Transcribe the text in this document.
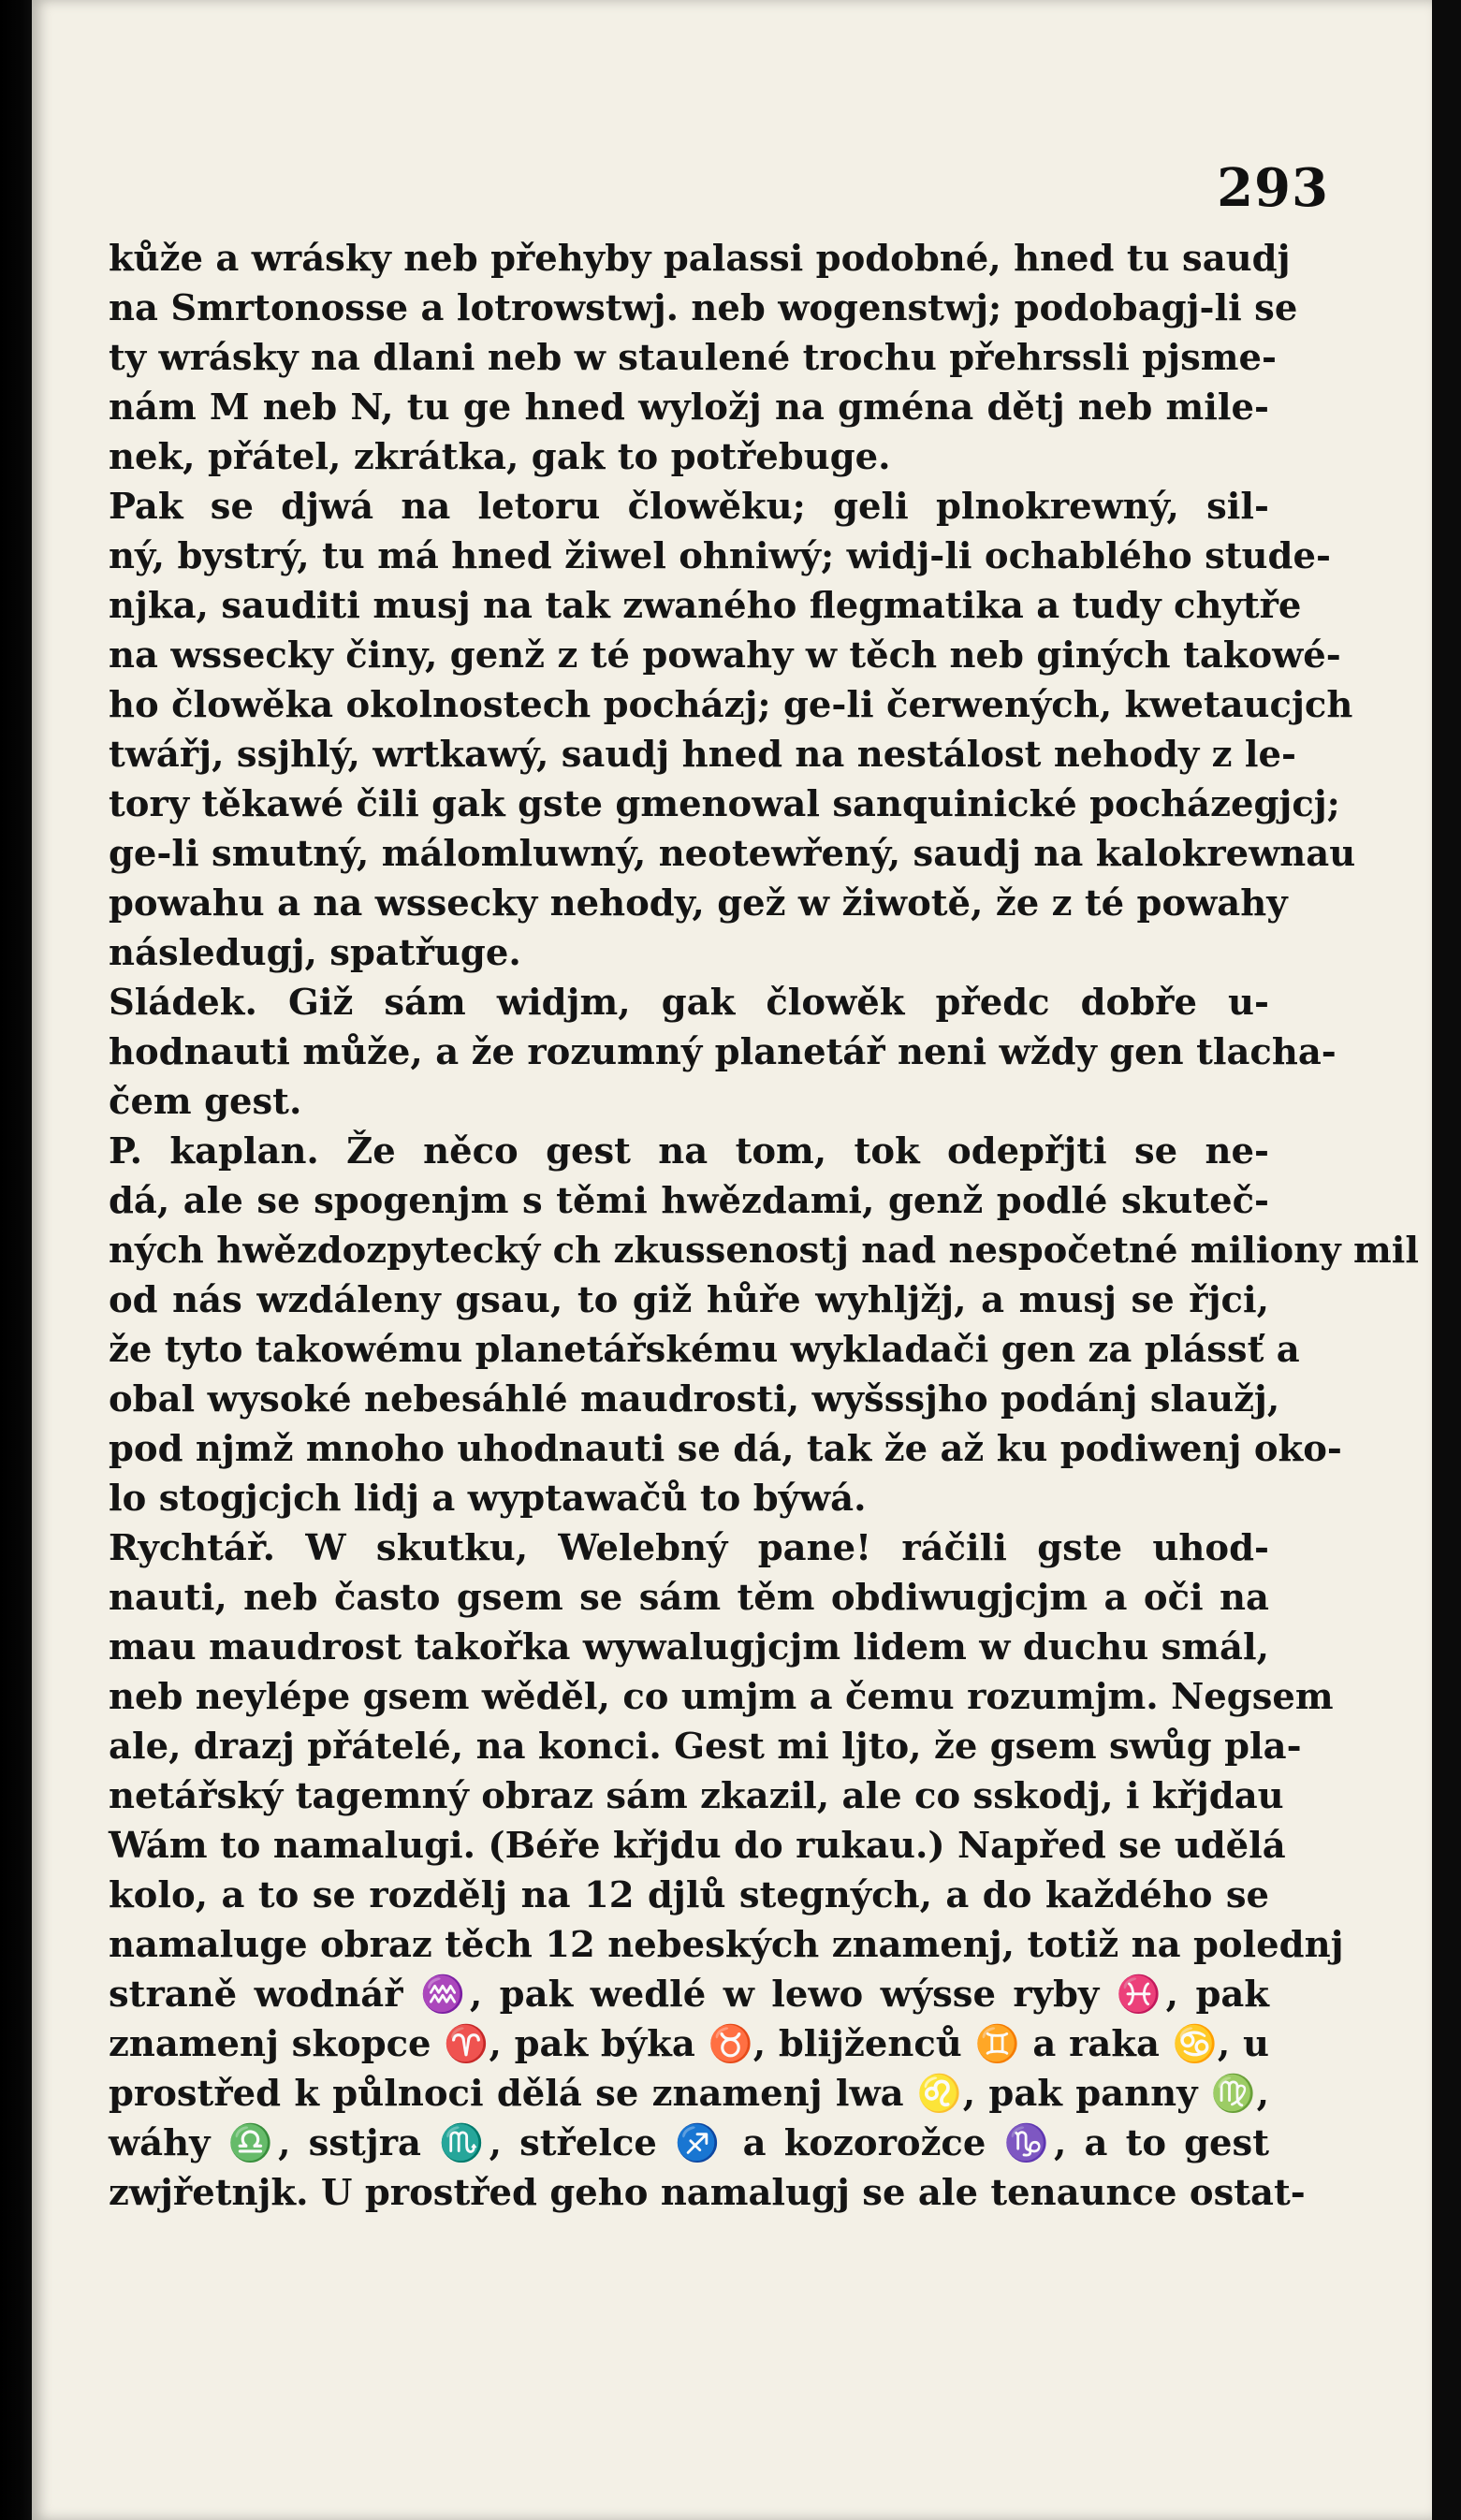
293
kůže a wrásky neb přehyby palassi podobné, hned tu saudj
na Smrtonosse a lotrowstwj. neb wogenstwj; podobagj-li se
ty wrásky na dlani neb w staulené trochu přehrssli pjsme-
nám M neb N, tu ge hned wyložj na gména dětj neb mile-
nek, přátel, zkrátka, gak to potřebuge.
Pak se djwá na letoru člowěku; geli plnokrewný, sil-
ný, bystrý, tu má hned žiwel ohniwý; widj-li ochablého stude-
njka, sauditi musj na tak zwaného flegmatika a tudy chytře
na wssecky činy, genž z té powahy w těch neb giných takowé-
ho člowěka okolnostech pocházj; ge-li čerwených, kwetaucjch
twářj, ssjhlý, wrtkawý, saudj hned na nestálost nehody z le-
tory těkawé čili gak gste gmenowal sanquinické pocházegjcj;
ge-li smutný, málomluwný, neotewřený, saudj na kalokrewnau
powahu a na wssecky nehody, gež w žiwotě, že z té powahy
následugj, spatřuge.
Sládek. Giž sám widjm, gak člowěk předc dobře u-
hodnauti může, a že rozumný planetář neni wždy gen tlacha-
čem gest.
P. kaplan. Že něco gest na tom, tok odepřjti se ne-
dá, ale se spogenjm s těmi hwězdami, genž podlé skuteč-
ných hwězdozpytecký ch zkussenostj nad nespočetné miliony mil
od nás wzdáleny gsau, to giž hůře wyhljžj, a musj se řjci,
že tyto takowému planetářskému wykladači gen za plássť a
obal wysoké nebesáhlé maudrosti, wyšssjho podánj slaužj,
pod njmž mnoho uhodnauti se dá, tak že až ku podiwenj oko-
lo stogjcjch lidj a wyptawačů to býwá.
Rychtář. W skutku, Welebný pane! ráčili gste uhod-
nauti, neb často gsem se sám těm obdiwugjcjm a oči na
mau maudrost takořka wywalugjcjm lidem w duchu smál,
neb neylépe gsem wěděl, co umjm a čemu rozumjm. Negsem
ale, drazj přátelé, na konci. Gest mi ljto, že gsem swůg pla-
netářský tagemný obraz sám zkazil, ale co sskodj, i křjdau
Wám to namalugi. (Béře křjdu do rukau.) Napřed se udělá
kolo, a to se rozdělj na 12 djlů stegných, a do každého se
namaluge obraz těch 12 nebeských znamenj, totiž na polednj
straně wodnář ♒, pak wedlé w lewo wýsse ryby ♓, pak
znamenj skopce ♈, pak býka ♉, blijženců ♊ a raka ♋, u
prostřed k půlnoci dělá se znamenj lwa ♌, pak panny ♍,
wáhy ♎, sstjra ♏, střelce ♐ a kozorožce ♑, a to gest
zwjřetnjk. U prostřed geho namalugj se ale tenaunce ostat-
